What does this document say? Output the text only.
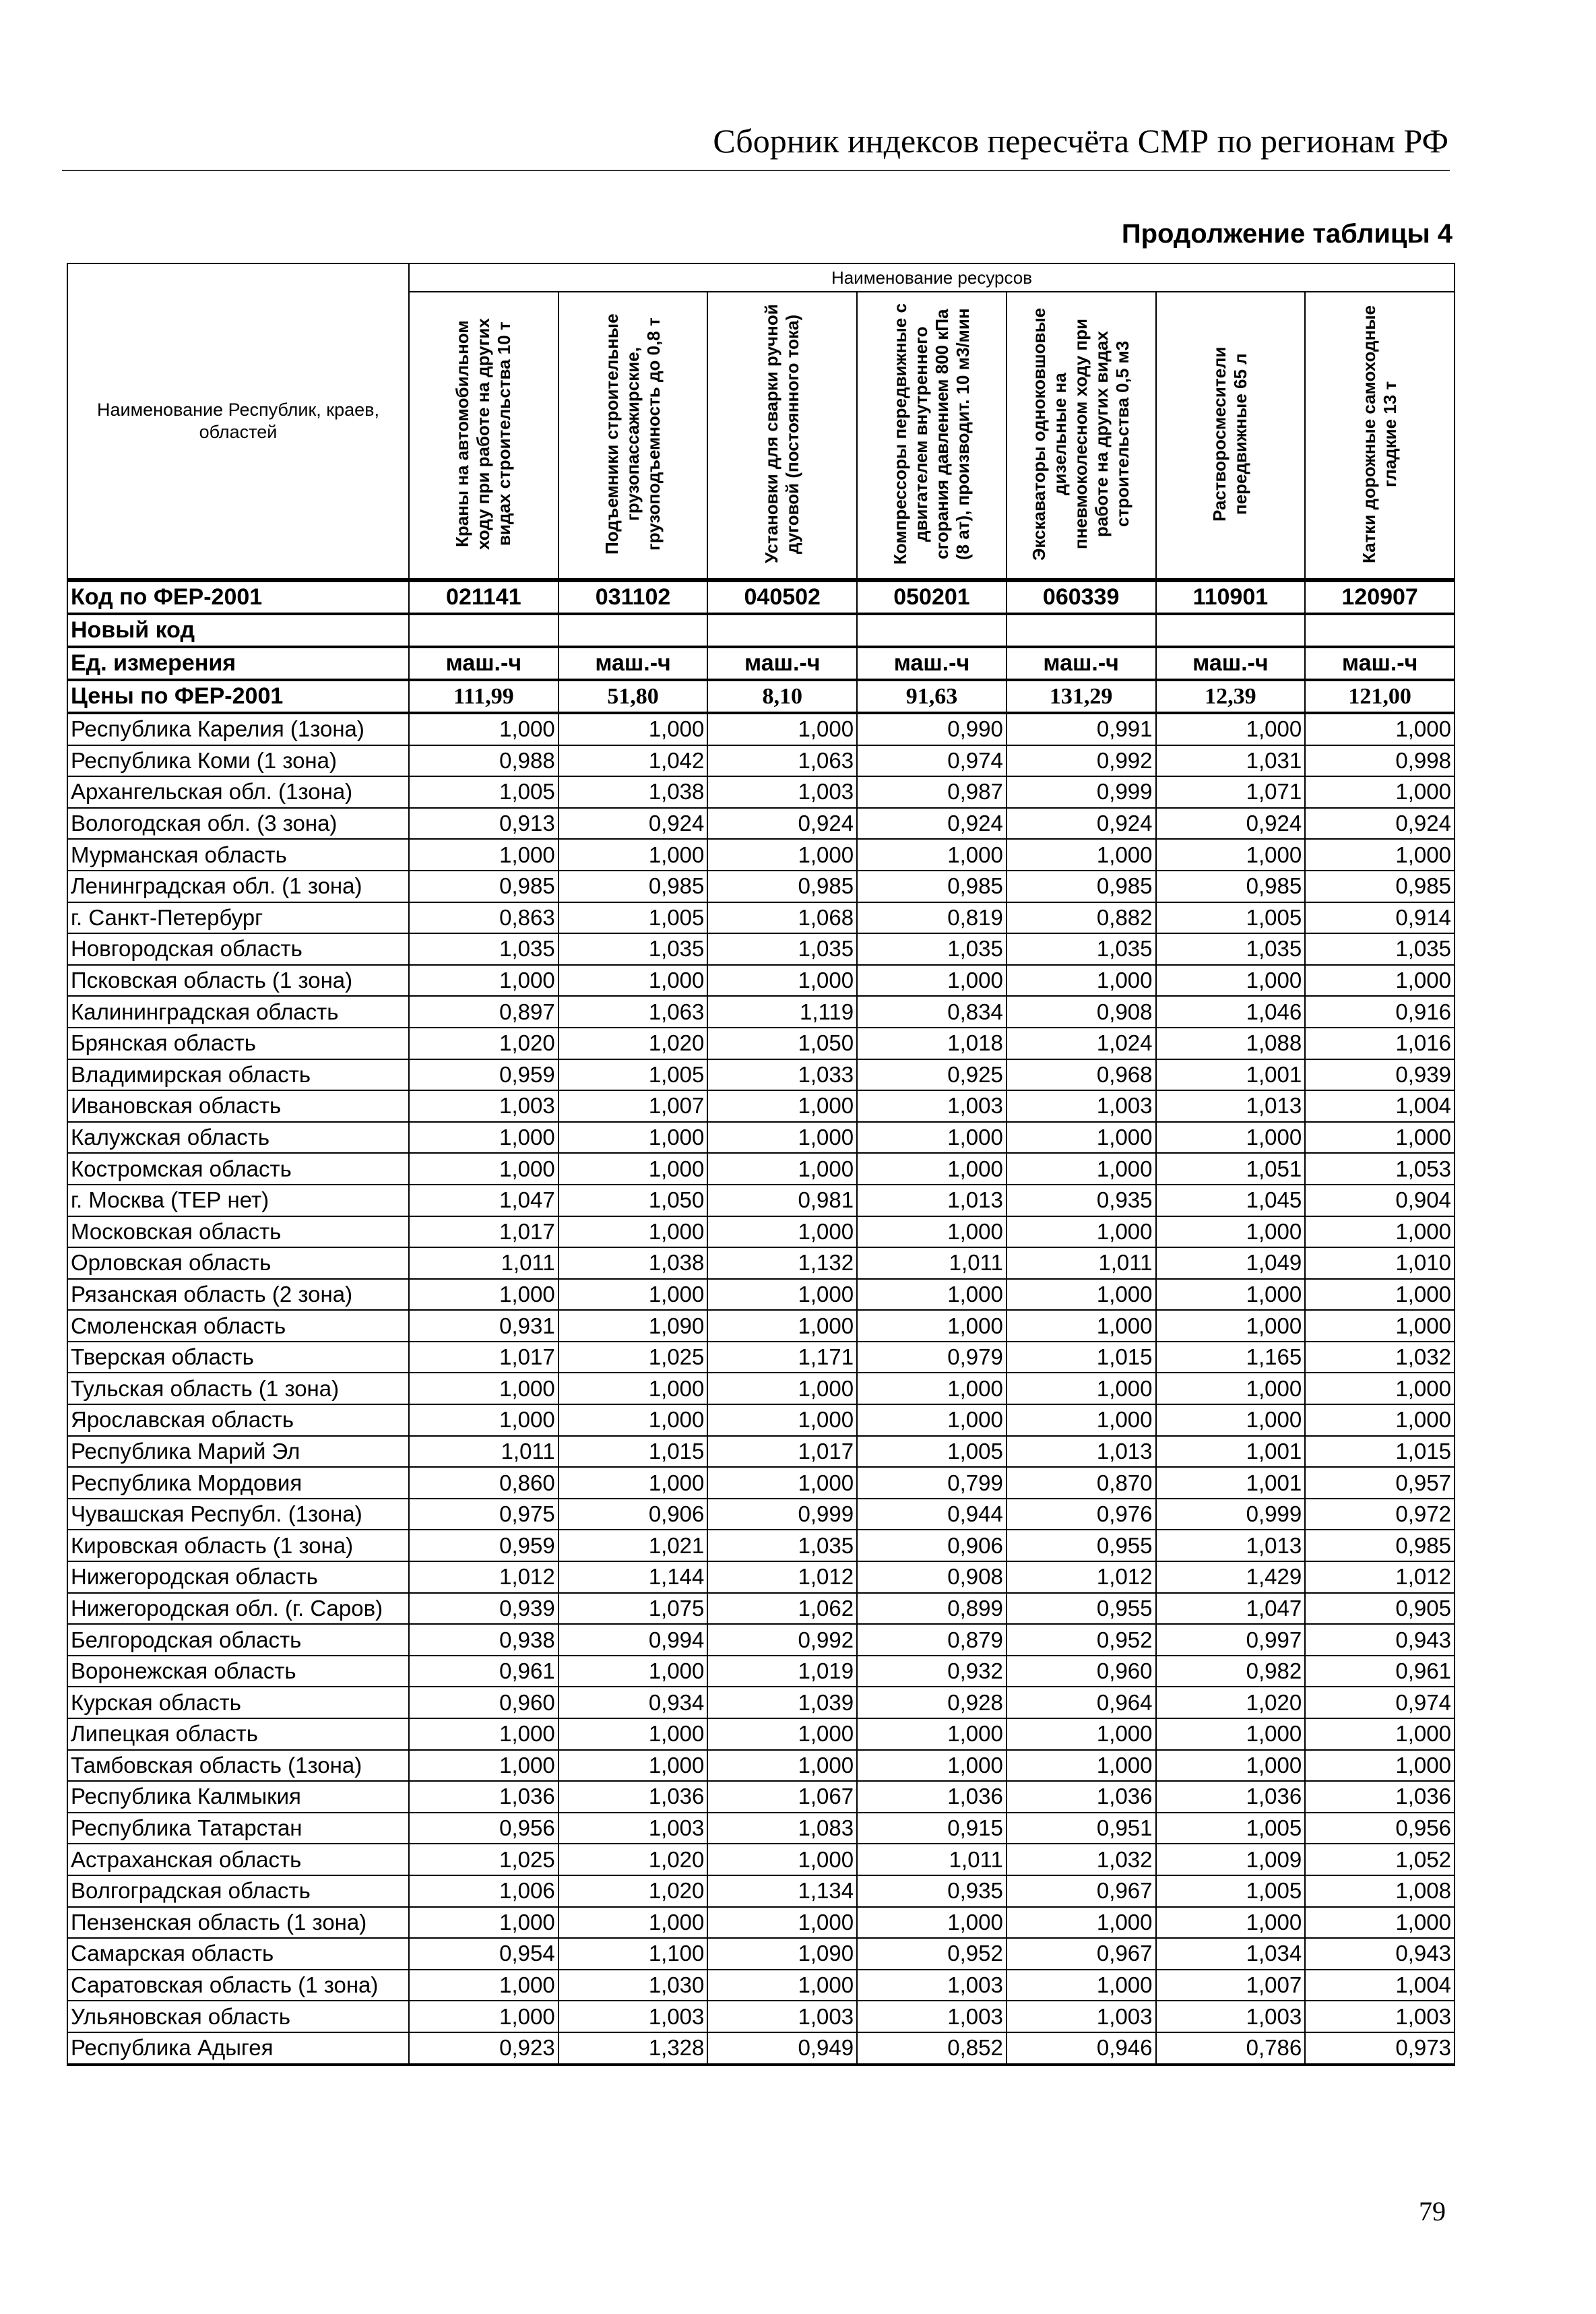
Сборник индексов пересчёта СМР по регионам РФ
Продолжение таблицы 4
Наименование Республик, краев, областей	Наименование ресурсов						
	Краны на автомобильном ходу при работе на других видах строительства 10 т	Подъемники строительные грузопассажирские, грузоподъемность до 0,8 т	Установки для сварки ручной дуговой (постоянного тока)	Компрессоры передвижные с двигателем внутреннего сгорания давлением 800 кПа (8 ат), производит. 10 м3/мин	Экскаваторы одноковшовые дизельные на пневмоколесном ходу при работе на других видах строительства 0,5 м3	Растворосмесители передвижные 65 л	Катки дорожные самоходные гладкие 13 т
Код по ФЕР-2001	021141	031102	040502	050201	060339	110901	120907
Новый код							
Ед. измерения	маш.-ч	маш.-ч	маш.-ч	маш.-ч	маш.-ч	маш.-ч	маш.-ч
Цены по ФЕР-2001	111,99	51,80	8,10	91,63	131,29	12,39	121,00
Республика Карелия (1зона)	1,000	1,000	1,000	0,990	0,991	1,000	1,000
Республика Коми (1 зона)	0,988	1,042	1,063	0,974	0,992	1,031	0,998
Архангельская обл. (1зона)	1,005	1,038	1,003	0,987	0,999	1,071	1,000
Вологодская обл. (3 зона)	0,913	0,924	0,924	0,924	0,924	0,924	0,924
Мурманская область	1,000	1,000	1,000	1,000	1,000	1,000	1,000
Ленинградская обл. (1 зона)	0,985	0,985	0,985	0,985	0,985	0,985	0,985
г. Санкт-Петербург	0,863	1,005	1,068	0,819	0,882	1,005	0,914
Новгородская область	1,035	1,035	1,035	1,035	1,035	1,035	1,035
Псковская область (1 зона)	1,000	1,000	1,000	1,000	1,000	1,000	1,000
Калининградская область	0,897	1,063	1,119	0,834	0,908	1,046	0,916
Брянская область	1,020	1,020	1,050	1,018	1,024	1,088	1,016
Владимирская область	0,959	1,005	1,033	0,925	0,968	1,001	0,939
Ивановская область	1,003	1,007	1,000	1,003	1,003	1,013	1,004
Калужская область	1,000	1,000	1,000	1,000	1,000	1,000	1,000
Костромская область	1,000	1,000	1,000	1,000	1,000	1,051	1,053
г. Москва (ТЕР нет)	1,047	1,050	0,981	1,013	0,935	1,045	0,904
Московская область	1,017	1,000	1,000	1,000	1,000	1,000	1,000
Орловская область	1,011	1,038	1,132	1,011	1,011	1,049	1,010
Рязанская область (2 зона)	1,000	1,000	1,000	1,000	1,000	1,000	1,000
Смоленская область	0,931	1,090	1,000	1,000	1,000	1,000	1,000
Тверская область	1,017	1,025	1,171	0,979	1,015	1,165	1,032
Тульская область (1 зона)	1,000	1,000	1,000	1,000	1,000	1,000	1,000
Ярославская область	1,000	1,000	1,000	1,000	1,000	1,000	1,000
Республика Марий Эл	1,011	1,015	1,017	1,005	1,013	1,001	1,015
Республика Мордовия	0,860	1,000	1,000	0,799	0,870	1,001	0,957
Чувашская Республ. (1зона)	0,975	0,906	0,999	0,944	0,976	0,999	0,972
Кировская область (1 зона)	0,959	1,021	1,035	0,906	0,955	1,013	0,985
Нижегородская область	1,012	1,144	1,012	0,908	1,012	1,429	1,012
Нижегородская обл. (г. Саров)	0,939	1,075	1,062	0,899	0,955	1,047	0,905
Белгородская область	0,938	0,994	0,992	0,879	0,952	0,997	0,943
Воронежская область	0,961	1,000	1,019	0,932	0,960	0,982	0,961
Курская область	0,960	0,934	1,039	0,928	0,964	1,020	0,974
Липецкая область	1,000	1,000	1,000	1,000	1,000	1,000	1,000
Тамбовская область (1зона)	1,000	1,000	1,000	1,000	1,000	1,000	1,000
Республика Калмыкия	1,036	1,036	1,067	1,036	1,036	1,036	1,036
Республика Татарстан	0,956	1,003	1,083	0,915	0,951	1,005	0,956
Астраханская область	1,025	1,020	1,000	1,011	1,032	1,009	1,052
Волгоградская область	1,006	1,020	1,134	0,935	0,967	1,005	1,008
Пензенская область (1 зона)	1,000	1,000	1,000	1,000	1,000	1,000	1,000
Самарская область	0,954	1,100	1,090	0,952	0,967	1,034	0,943
Саратовская область (1 зона)	1,000	1,030	1,000	1,003	1,000	1,007	1,004
Ульяновская область	1,000	1,003	1,003	1,003	1,003	1,003	1,003
Республика Адыгея	0,923	1,328	0,949	0,852	0,946	0,786	0,973
79
